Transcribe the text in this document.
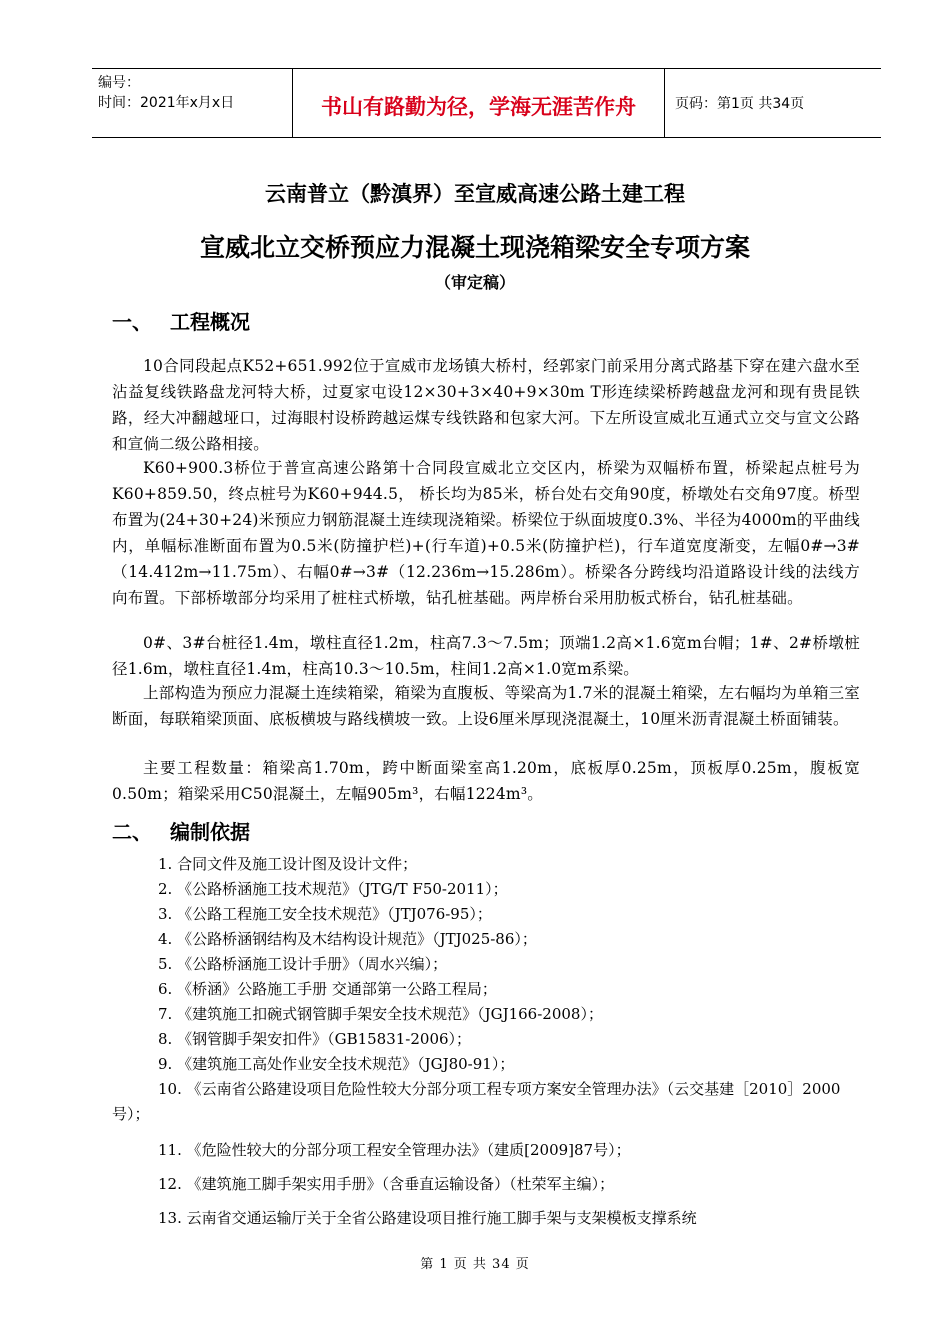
编号：
时间：2021年x月x日	书山有路勤为径，学海无涯苦作舟	页码：第1页 共34页
云南普立（黔滇界）至宣威高速公路土建工程
宣威北立交桥预应力混凝土现浇箱梁安全专项方案
（审定稿）
一、 工程概况
10合同段起点K52+651.992位于宣威市龙场镇大桥村，经郭家门前采用分离式路基下穿在建六盘水至沾益复线铁路盘龙河特大桥，过夏家屯设12×30+3×40+9×30m T形连续梁桥跨越盘龙河和现有贵昆铁路，经大冲翻越垭口，过海眼村设桥跨越运煤专线铁路和包家大河。下左所设宣威北互通式立交与宣文公路和宣倘二级公路相接。
K60+900.3桥位于普宣高速公路第十合同段宣威北立交区内，桥梁为双幅桥布置，桥梁起点桩号为K60+859.50，终点桩号为K60+944.5， 桥长均为85米，桥台处右交角90度，桥墩处右交角97度。桥型布置为(24+30+24)米预应力钢筋混凝土连续现浇箱梁。桥梁位于纵面坡度0.3%、半径为4000m的平曲线内，单幅标准断面布置为0.5米(防撞护栏)+(行车道)+0.5米(防撞护栏)，行车道宽度渐变，左幅0#→3#（14.412m→11.75m）、右幅0#→3#（12.236m→15.286m）。桥梁各分跨线均沿道路设计线的法线方向布置。下部桥墩部分均采用了桩柱式桥墩，钻孔桩基础。两岸桥台采用肋板式桥台，钻孔桩基础。
0#、3#台桩径1.4m，墩柱直径1.2m，柱高7.3～7.5m；顶端1.2高×1.6宽m台帽；1#、2#桥墩桩径1.6m，墩柱直径1.4m，柱高10.3～10.5m，柱间1.2高×1.0宽m系梁。
上部构造为预应力混凝土连续箱梁，箱梁为直腹板、等梁高为1.7米的混凝土箱梁，左右幅均为单箱三室断面，每联箱梁顶面、底板横坡与路线横坡一致。上设6厘米厚现浇混凝土，10厘米沥青混凝土桥面铺装。
主要工程数量：箱梁高1.70m，跨中断面梁室高1.20m，底板厚0.25m，顶板厚0.25m，腹板宽0.50m；箱梁采用C50混凝土，左幅905m³，右幅1224m³。
二、 编制依据
1. 合同文件及施工设计图及设计文件；
2. 《公路桥涵施工技术规范》（JTG/T F50-2011）；
3. 《公路工程施工安全技术规范》（JTJ076-95）；
4. 《公路桥涵钢结构及木结构设计规范》（JTJ025-86）；
5. 《公路桥涵施工设计手册》（周水兴编）；
6. 《桥涵》公路施工手册 交通部第一公路工程局；
7. 《建筑施工扣碗式钢管脚手架安全技术规范》（JGJ166-2008）；
8. 《钢管脚手架安扣件》（GB15831-2006）；
9. 《建筑施工高处作业安全技术规范》（JGJ80-91）；
10. 《云南省公路建设项目危险性较大分部分项工程专项方案安全管理办法》（云交基建［2010］2000号）；
11. 《危险性较大的分部分项工程安全管理办法》（建质[2009]87号）；
12. 《建筑施工脚手架实用手册》（含垂直运输设备）（杜荣军主编）；
13. 云南省交通运输厅关于全省公路建设项目推行施工脚手架与支架模板支撑系统
第 1 页 共 34 页
